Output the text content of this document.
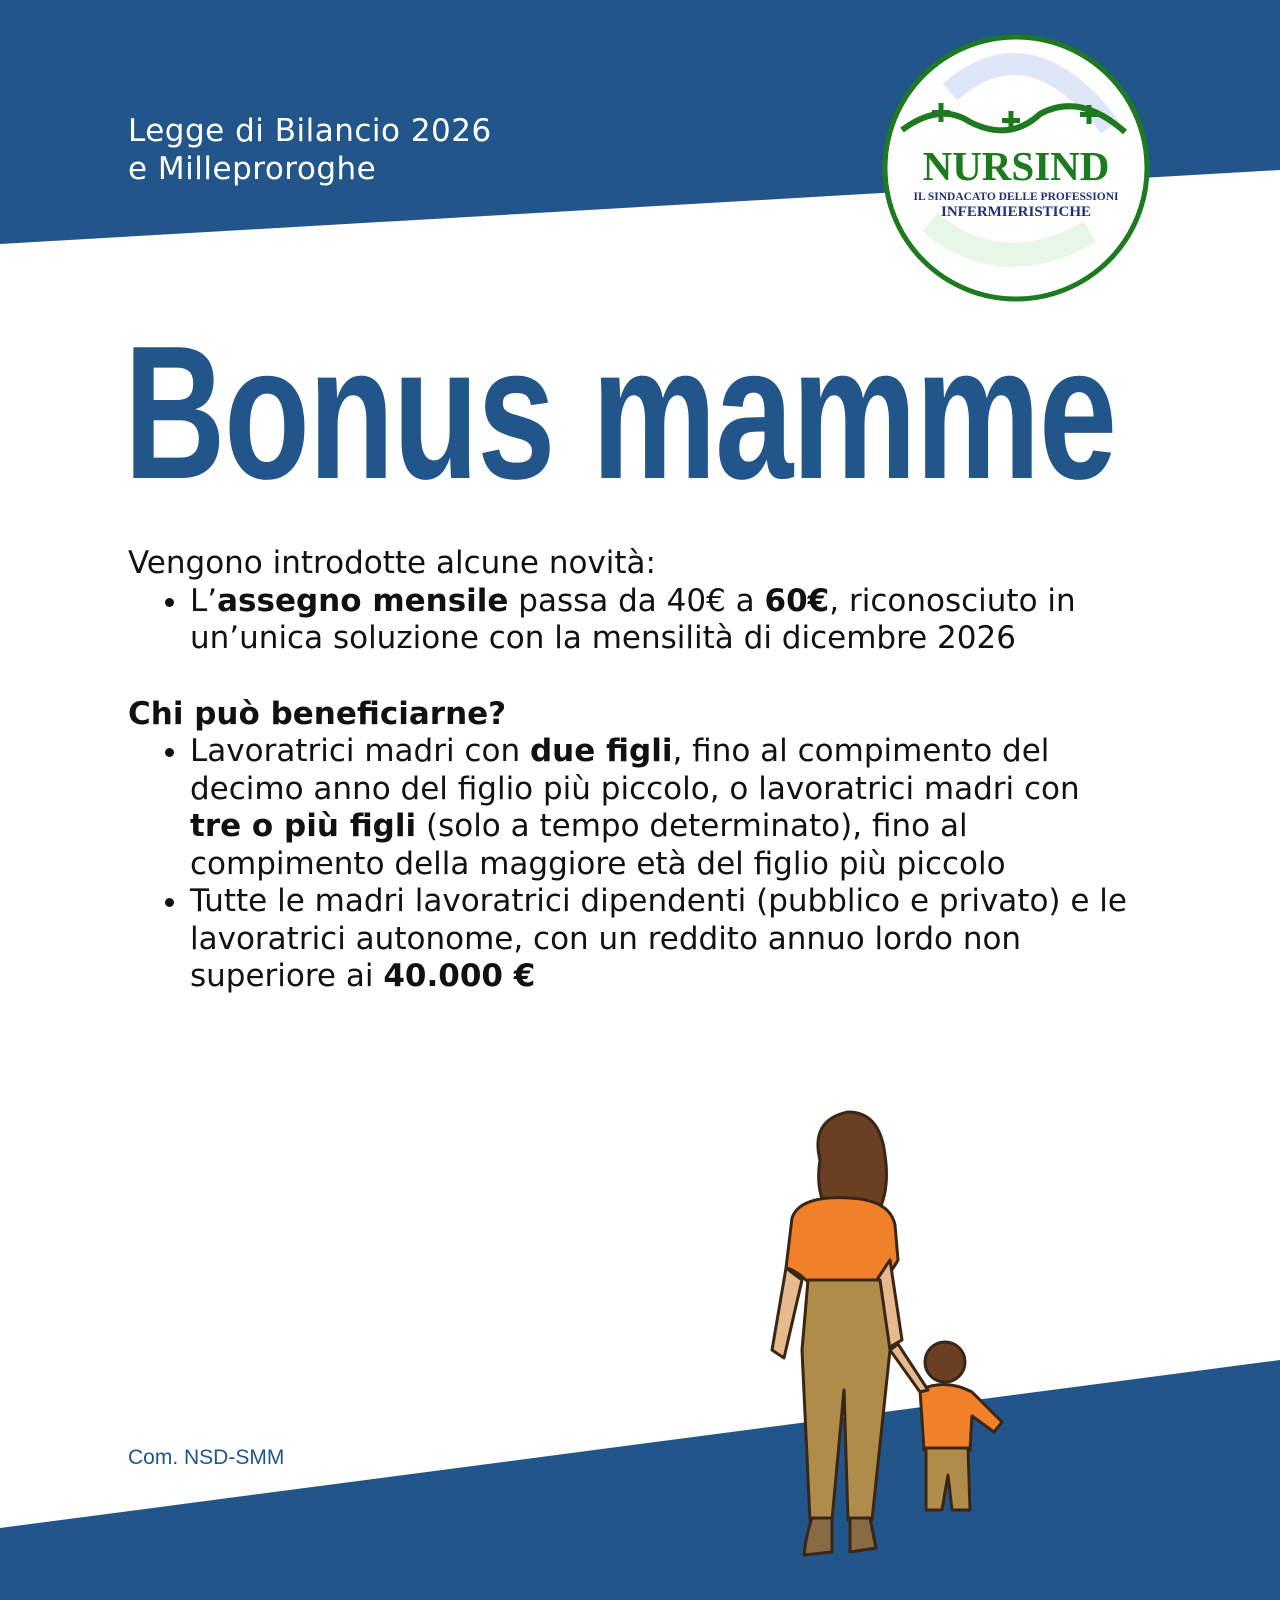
Legge di Bilancio 2026
e Milleproroghe	NURSIND
IL SINDACATO DELLE PROFESSIONI
INFERMIERISTICHE
Bonus mamme

Vengono introdotte alcune novità:

• L’assegno mensile passa da 40€ a 60€, riconosciuto in un’unica soluzione con la mensilità di dicembre 2026

Chi può beneficiarne?

• Lavoratrici madri con due figli, fino al compimento del decimo anno del figlio più piccolo, o lavoratrici madri con tre o più figli (solo a tempo determinato), fino al compimento della maggiore età del figlio più piccolo
• Tutte le madri lavoratrici dipendenti (pubblico e privato) e le lavoratrici autonome, con un reddito annuo lordo non superiore ai 40.000 €
Com. NSD-SMM
